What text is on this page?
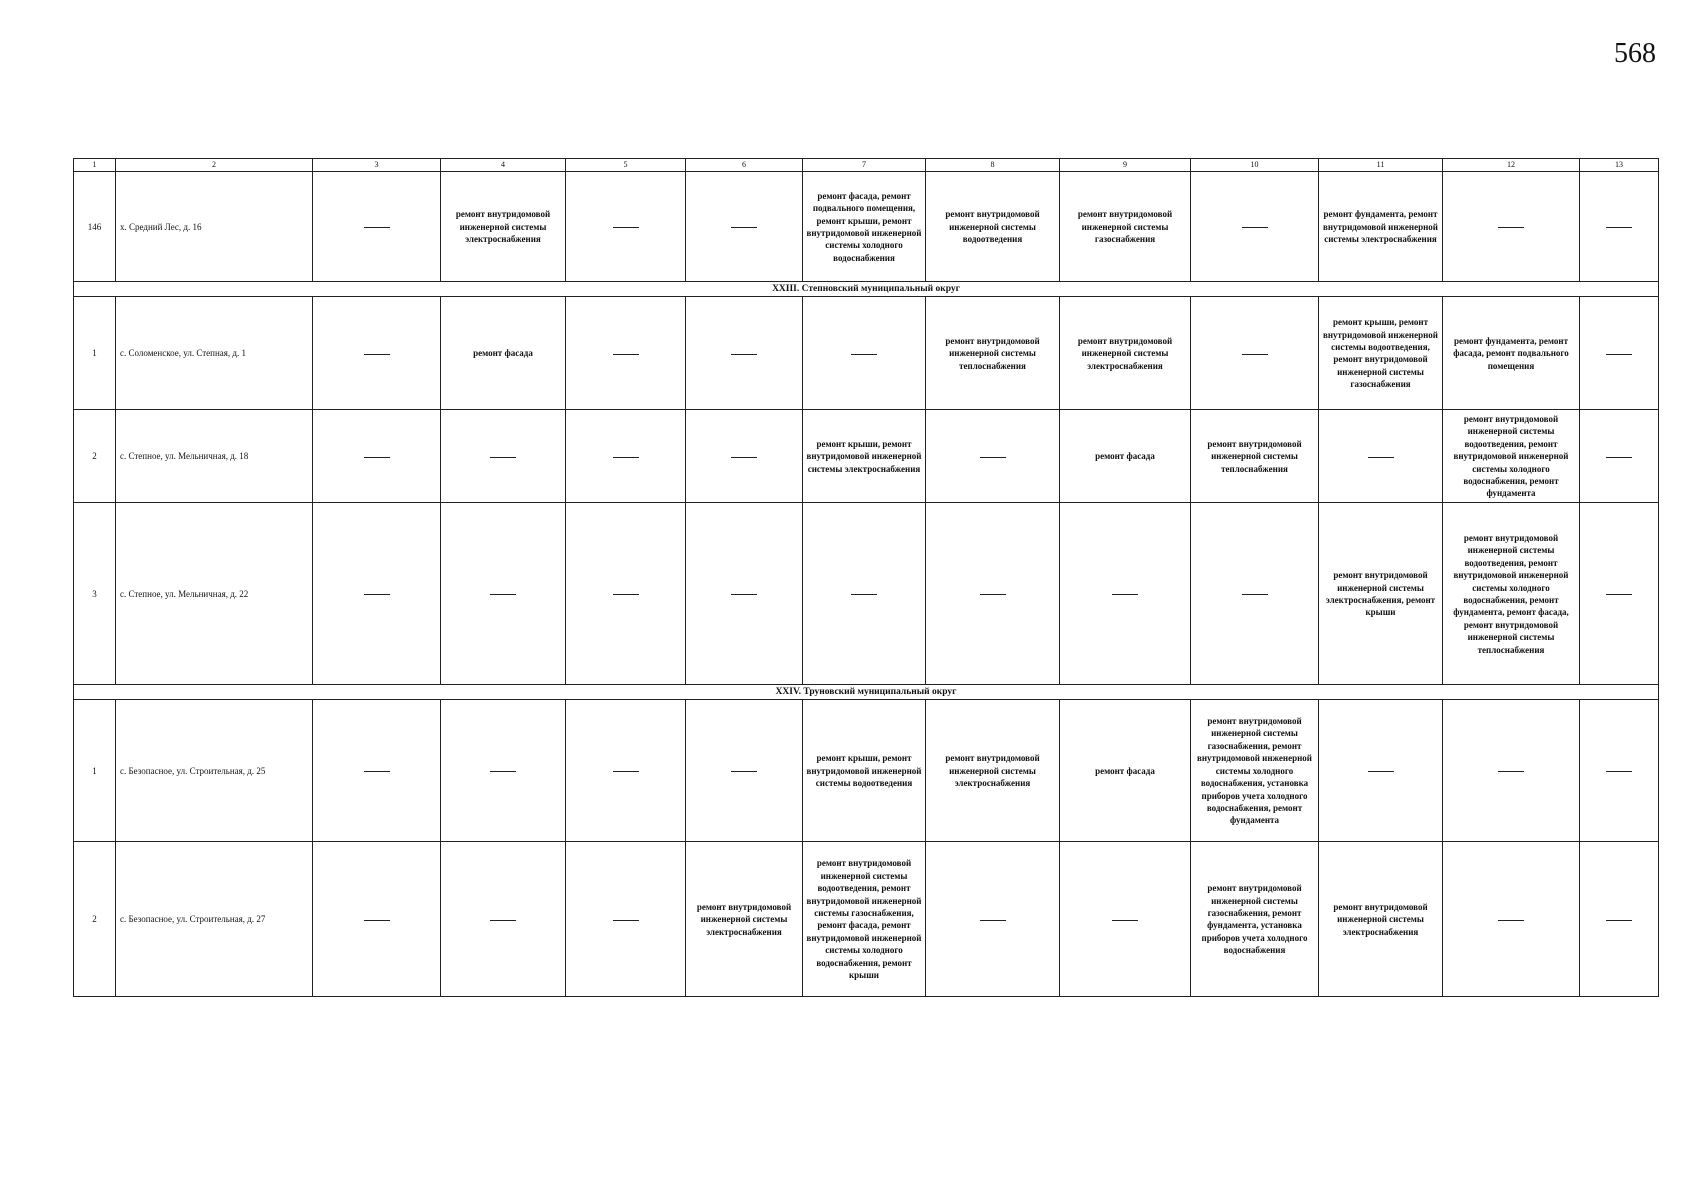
568
1	2	3	4	5	6	7	8	9	10	11	12	13
146	х. Средний Лес, д. 16		ремонт внутридомовой инженерной системы электроснабжения			ремонт фасада, ремонт подвального помещения, ремонт крыши, ремонт внутридомовой инженерной системы холодного водоснабжения	ремонт внутридомовой инженерной системы водоотведения	ремонт внутридомовой инженерной системы газоснабжения		ремонт фундамента, ремонт внутридомовой инженерной системы электроснабжения		
XXIII. Степновский муниципальный округ												
1	с. Соломенское, ул. Степная, д. 1		ремонт фасада				ремонт внутридомовой инженерной системы теплоснабжения	ремонт внутридомовой инженерной системы электроснабжения		ремонт крыши, ремонт внутридомовой инженерной системы водоотведения, ремонт внутридомовой инженерной системы газоснабжения	ремонт фундамента, ремонт фасада, ремонт подвального помещения	
2	с. Степное, ул. Мельничная, д. 18					ремонт крыши, ремонт внутридомовой инженерной системы электроснабжения		ремонт фасада	ремонт внутридомовой инженерной системы теплоснабжения		ремонт внутридомовой инженерной системы водоотведения, ремонт внутридомовой инженерной системы холодного водоснабжения, ремонт фундамента	
3	с. Степное, ул. Мельничная, д. 22									ремонт внутридомовой инженерной системы электроснабжения, ремонт крыши	ремонт внутридомовой инженерной системы водоотведения, ремонт внутридомовой инженерной системы холодного водоснабжения, ремонт фундамента, ремонт фасада, ремонт внутридомовой инженерной системы теплоснабжения	
XXIV. Труновский муниципальный округ												
1	с. Безопасное, ул. Строительная, д. 25					ремонт крыши, ремонт внутридомовой инженерной системы водоотведения	ремонт внутридомовой инженерной системы электроснабжения	ремонт фасада	ремонт внутридомовой инженерной системы газоснабжения, ремонт внутридомовой инженерной системы холодного водоснабжения, установка приборов учета холодного водоснабжения, ремонт фундамента			
2	с. Безопасное, ул. Строительная, д. 27				ремонт внутридомовой инженерной системы электроснабжения	ремонт внутридомовой инженерной системы водоотведения, ремонт внутридомовой инженерной системы газоснабжения, ремонт фасада, ремонт внутридомовой инженерной системы холодного водоснабжения, ремонт крыши			ремонт внутридомовой инженерной системы газоснабжения, ремонт фундамента, установка приборов учета холодного водоснабжения	ремонт внутридомовой инженерной системы электроснабжения		
